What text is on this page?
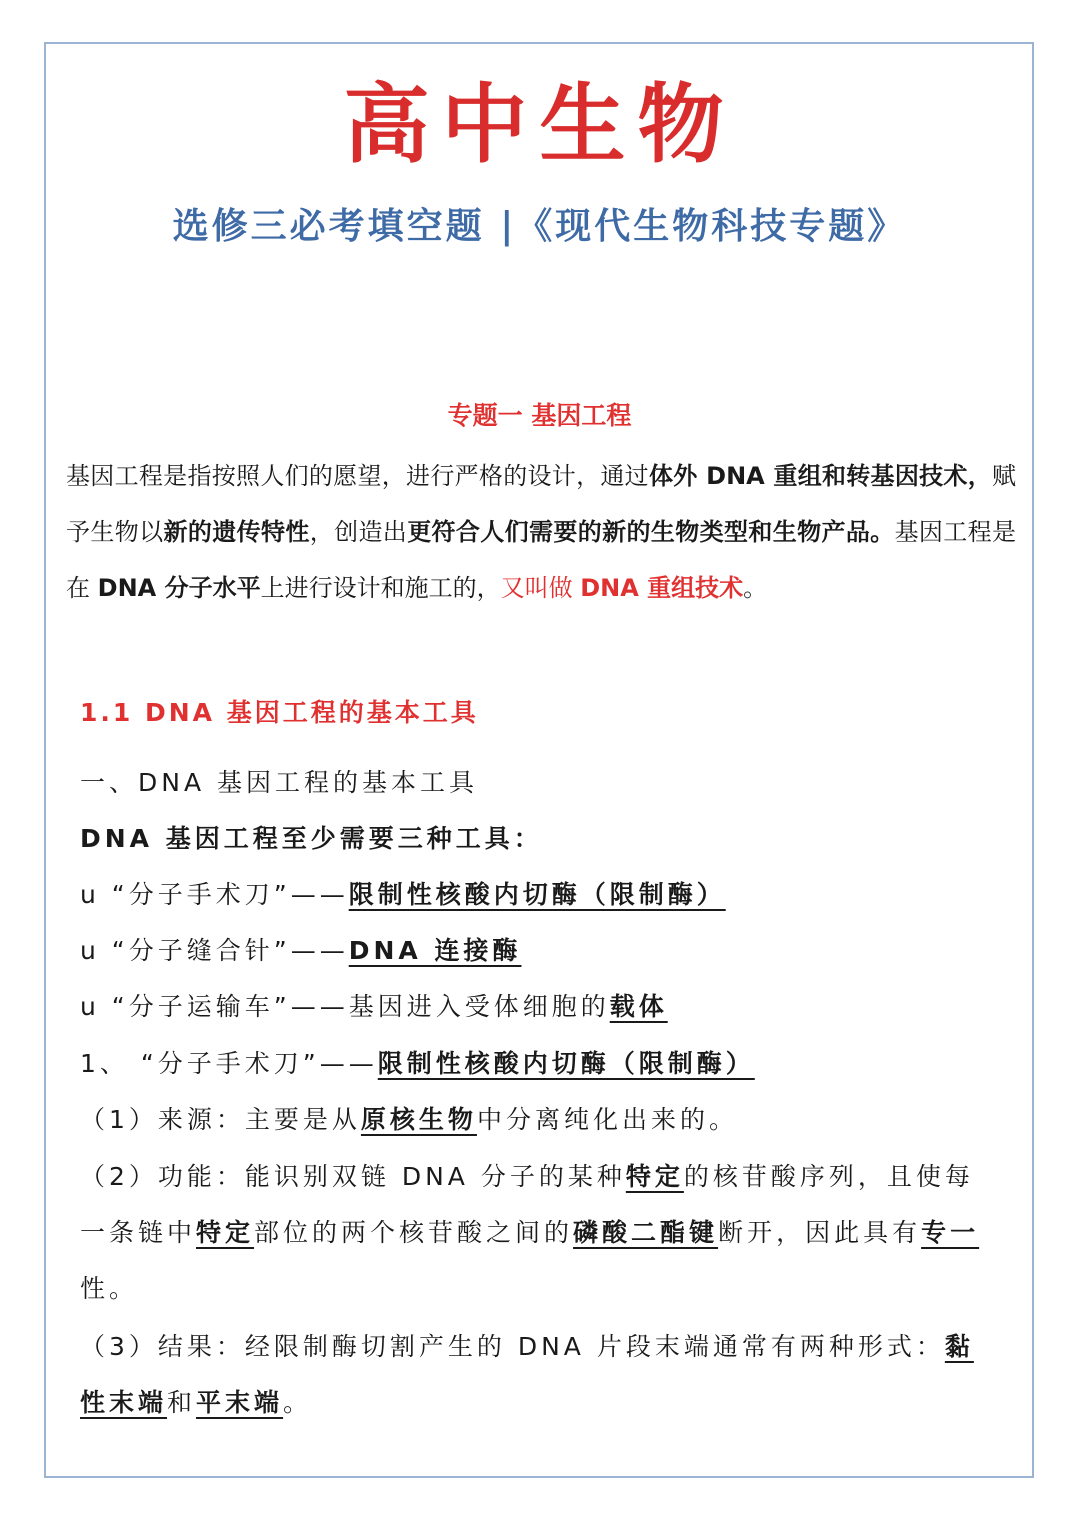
高中生物
选修三必考填空题 |《现代生物科技专题》
专题一 基因工程
基因工程是指按照人们的愿望，进行严格的设计，通过体外 DNA 重组和转基因技术，赋予生物以新的遗传特性，创造出更符合人们需要的新的生物类型和生物产品。基因工程是在 DNA 分子水平上进行设计和施工的，又叫做 DNA 重组技术。
1.1 DNA 基因工程的基本工具
一、DNA 基因工程的基本工具
DNA 基因工程至少需要三种工具：
u “分子手术刀”——限制性核酸内切酶（限制酶）
u “分子缝合针”——DNA 连接酶
u “分子运输车”——基因进入受体细胞的载体
1、 “分子手术刀”——限制性核酸内切酶（限制酶）
（1）来源：主要是从原核生物中分离纯化出来的。
（2）功能：能识别双链 DNA 分子的某种特定的核苷酸序列，且使每一条链中特定部位的两个核苷酸之间的磷酸二酯键断开，因此具有专一性。
（3）结果：经限制酶切割产生的 DNA 片段末端通常有两种形式：黏性末端和平末端。
